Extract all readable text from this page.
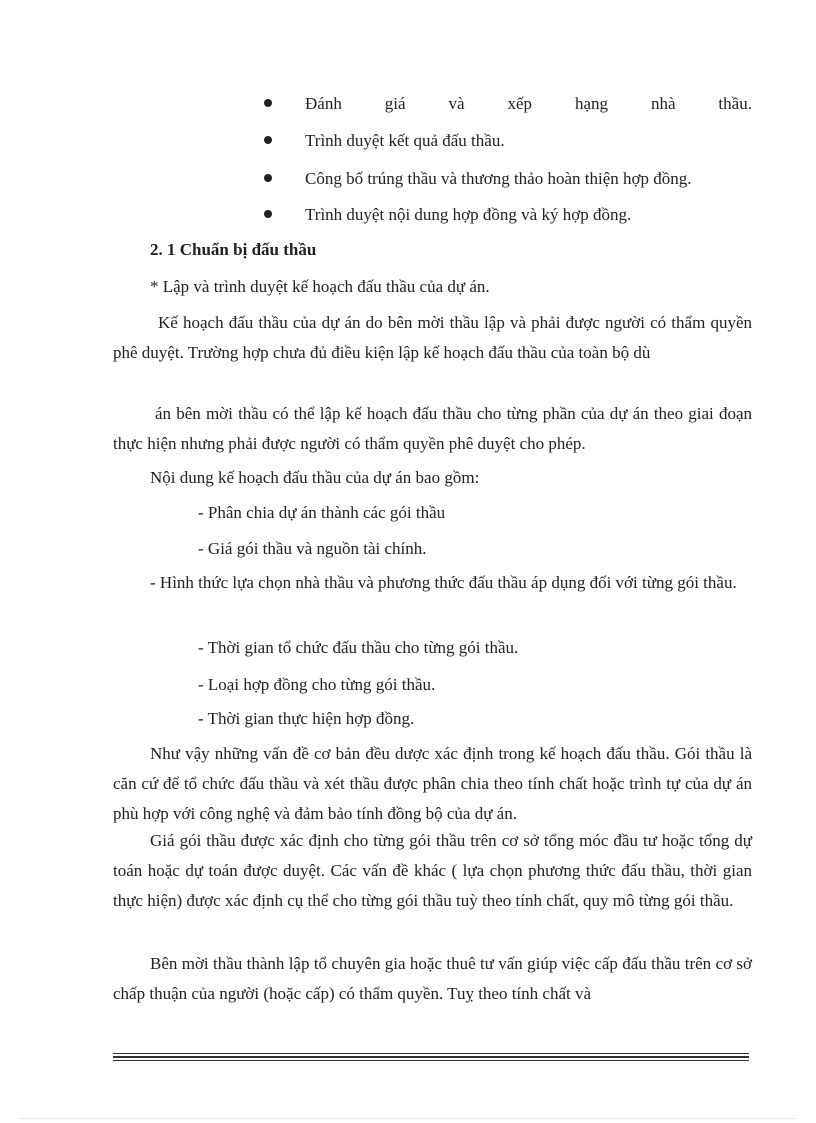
Đánh	giá	và	xếp	hạng	nhà	thầu.
Trình duyệt kết quả đấu thầu.
Công bố trúng thầu và thương thảo hoàn thiện hợp đồng.
Trình duyệt nội dung hợp đồng và ký hợp đồng.
2. 1 Chuẩn bị đấu thầu
* Lập và trình duyệt kế hoạch đấu thầu của dự án.
Kế hoạch đấu thầu của dự án do bên mời thầu lập và phải được người có thẩm quyền phê duyệt. Trường hợp chưa đủ điều kiện lập kế hoạch đấu thầu của toàn bộ dù
án bên mời thầu có thể lập kế hoạch đấu thầu cho từng phần của dự án theo giai đoạn thực hiện nhưng phải được người có thẩm quyền phê duyệt cho phép.
Nội dung kế hoạch đấu thầu của dự án bao gồm:
- Phân chia dự án thành các gói thầu
- Giá gói thầu và nguồn tài chính.
- Hình thức lựa chọn nhà thầu và phương thức đấu thầu áp dụng đối với từng gói thầu.
- Thời gian tổ chức đấu thầu cho từng gói thầu.
- Loại hợp đồng cho từng gói thầu.
- Thời gian thực hiện hợp đồng.
Như vậy những vấn đề cơ bản đều dược xác định trong kế hoạch đấu thầu. Gói thầu là căn cứ để tổ chức đấu thầu và xét thầu được phân chia theo tính chất hoặc trình tự của dự án phù hợp với công nghệ và đảm bảo tính đồng bộ của dự án.
Giá gói thầu được xác định cho từng gói thầu trên cơ sở tổng móc đầu tư hoặc tổng dự toán hoặc dự toán được duyệt. Các vấn đề khác ( lựa chọn phương thức đấu thầu, thời gian thực hiện) được xác định cụ thể cho từng gói thầu tuỳ theo tính chất, quy mô từng gói thầu.
Bên mời thầu thành lập tổ chuyên gia hoặc thuê tư vấn giúp việc cấp đấu thầu trên cơ sở chấp thuận của người (hoặc cấp) có thẩm quyền. Tuỵ theo tính chất và
